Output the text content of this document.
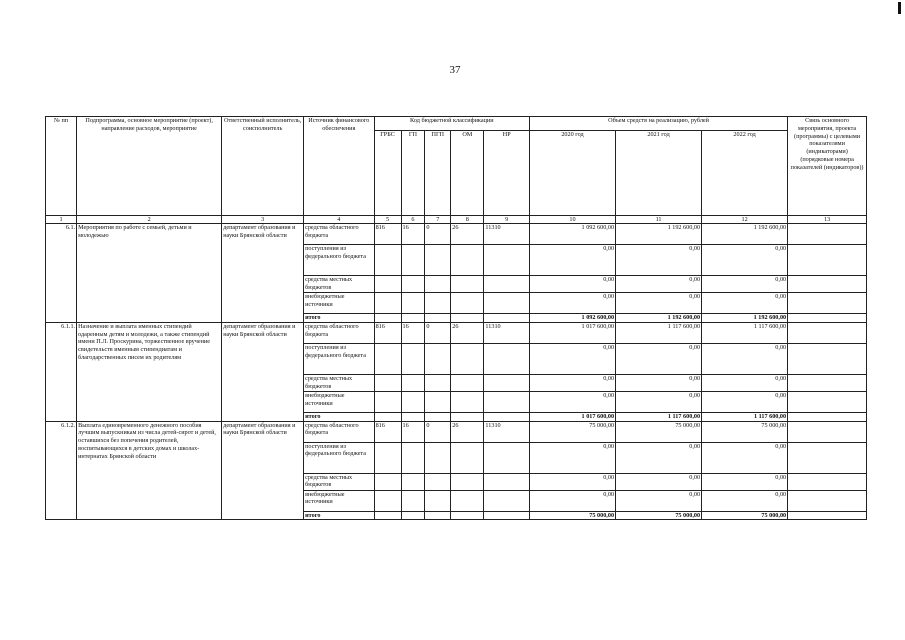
37
№ пп	Подпрограмма, основное мероприятие (проект), направление расходов, мероприятие	Ответственный исполнитель, соисполнитель	Источник финансового обеспечения	Код бюджетной классификации					Объем средств на реализацию, рублей			Связь основного мероприятия, проекта (программы) с целевыми показателями (индикаторами) (порядковые номера показателей (индикаторов))
				ГРБС	ГП	ПГП	ОМ	НР	2020 год	2021 год	2022 год	
1	2	3	4	5	6	7	8	9	10	11	12	13
6.1.	Мероприятия по работе с семьей, детьми и молодежью	департамент образования и науки Брянской области	средства областного бюджета	816	16	0	26	11310	1 092 600,00	1 192 600,00	1 192 600,00	
			поступления из федерального бюджета						0,00	0,00	0,00	
			средства местных бюджетов						0,00	0,00	0,00	
			внебюджетные источники						0,00	0,00	0,00	
			итого						1 092 600,00	1 192 600,00	1 192 600,00	
6.1.1.	Назначение и выплата именных стипендий одаренным детям и молодежи, а также стипендий имени П.Л. Проскурина, торжественное вручение свидетельств именным стипендиатам и благодарственных писем их родителям	департамент образования и науки Брянской области	средства областного бюджета	816	16	0	26	11310	1 017 600,00	1 117 600,00	1 117 600,00	
			поступления из федерального бюджета						0,00	0,00	0,00	
			средства местных бюджетов						0,00	0,00	0,00	
			внебюджетные источники						0,00	0,00	0,00	
			итого						1 017 600,00	1 117 600,00	1 117 600,00	
6.1.2.	Выплата единовременного денежного пособия лучшим выпускникам из числа детей-сирот и детей, оставшихся без попечения родителей, воспитывающихся в детских домах и школах-интернатах Брянской области	департамент образования и науки Брянской области	средства областного бюджета	816	16	0	26	11310	75 000,00	75 000,00	75 000,00	
			поступления из федерального бюджета						0,00	0,00	0,00	
			средства местных бюджетов						0,00	0,00	0,00	
			внебюджетные источники						0,00	0,00	0,00	
			итого						75 000,00	75 000,00	75 000,00	
